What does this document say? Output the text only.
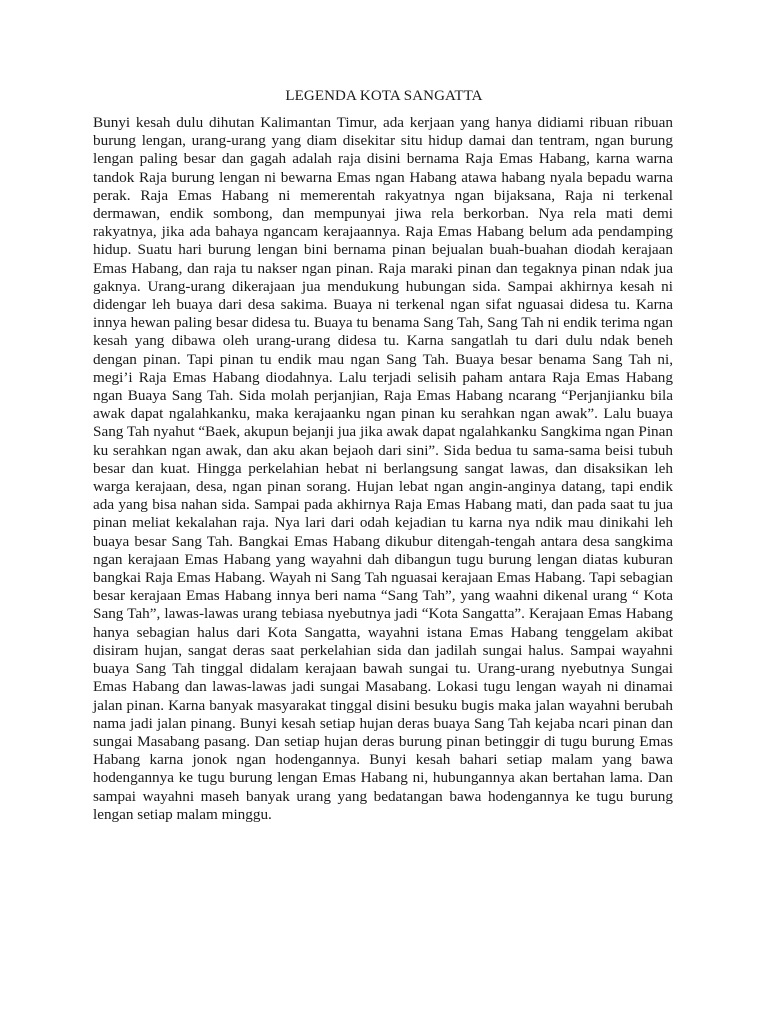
LEGENDA KOTA SANGATTA

Bunyi kesah dulu dihutan Kalimantan Timur, ada kerjaan yang hanya didiami ribuan ribuan burung lengan, urang-urang yang diam disekitar situ hidup damai dan tentram, ngan burung lengan paling besar dan gagah adalah raja disini bernama Raja Emas Habang, karna warna tandok Raja burung lengan ni bewarna Emas ngan Habang atawa habang nyala bepadu warna perak. Raja Emas Habang ni memerentah rakyatnya ngan bijaksana, Raja ni terkenal dermawan, endik sombong, dan mempunyai jiwa rela berkorban. Nya rela mati demi rakyatnya, jika ada bahaya ngancam kerajaannya. Raja Emas Habang belum ada pendamping hidup. Suatu hari burung lengan bini bernama pinan bejualan buah-buahan diodah kerajaan Emas Habang, dan raja tu nakser ngan pinan. Raja maraki pinan dan tegaknya pinan ndak jua gaknya. Urang-urang dikerajaan jua mendukung hubungan sida. Sampai akhirnya kesah ni didengar leh buaya dari desa sakima. Buaya ni terkenal ngan sifat nguasai didesa tu. Karna innya hewan paling besar didesa tu. Buaya tu benama Sang Tah, Sang Tah ni endik terima ngan kesah yang dibawa oleh urang-urang didesa tu. Karna sangatlah tu dari dulu ndak beneh dengan pinan. Tapi pinan tu endik mau ngan Sang Tah. Buaya besar benama Sang Tah ni, megi’i Raja Emas Habang diodahnya. Lalu terjadi selisih paham antara Raja Emas Habang ngan Buaya Sang Tah. Sida molah perjanjian, Raja Emas Habang ncarang “Perjanjianku bila awak dapat ngalahkanku, maka kerajaanku ngan pinan ku serahkan ngan awak”. Lalu buaya Sang Tah nyahut “Baek, akupun bejanji jua jika awak dapat ngalahkanku Sangkima ngan Pinan ku serahkan ngan awak, dan aku akan bejaoh dari sini”. Sida bedua tu sama-sama beisi tubuh besar dan kuat. Hingga perkelahian hebat ni berlangsung sangat lawas, dan disaksikan leh warga kerajaan, desa, ngan pinan sorang. Hujan lebat ngan angin-anginya datang, tapi endik ada yang bisa nahan sida. Sampai pada akhirnya Raja Emas Habang mati, dan pada saat tu jua pinan meliat kekalahan raja. Nya lari dari odah kejadian tu karna nya ndik mau dinikahi leh buaya besar Sang Tah. Bangkai Emas Habang dikubur ditengah-tengah antara desa sangkima ngan kerajaan Emas Habang yang wayahni dah dibangun tugu burung lengan diatas kuburan bangkai Raja Emas Habang. Wayah ni Sang Tah nguasai kerajaan Emas Habang. Tapi sebagian besar kerajaan Emas Habang innya beri nama “Sang Tah”, yang waahni dikenal urang “ Kota Sang Tah”, lawas-lawas urang tebiasa nyebutnya jadi “Kota Sangatta”. Kerajaan Emas Habang hanya sebagian halus dari Kota Sangatta, wayahni istana Emas Habang tenggelam akibat disiram hujan, sangat deras saat perkelahian sida dan jadilah sungai halus. Sampai wayahni buaya Sang Tah tinggal didalam kerajaan bawah sungai tu. Urang-urang nyebutnya Sungai Emas Habang dan lawas-lawas jadi sungai Masabang. Lokasi tugu lengan wayah ni dinamai jalan pinan. Karna banyak masyarakat tinggal disini besuku bugis maka jalan wayahni berubah nama jadi jalan pinang. Bunyi kesah setiap hujan deras buaya Sang Tah kejaba ncari pinan dan sungai Masabang pasang. Dan setiap hujan deras burung pinan betinggir di tugu burung Emas Habang karna jonok ngan hodengannya. Bunyi kesah bahari setiap malam yang bawa hodengannya ke tugu burung lengan Emas Habang ni, hubungannya akan bertahan lama. Dan sampai wayahni maseh banyak urang yang bedatangan bawa hodengannya ke tugu burung lengan setiap malam minggu.
